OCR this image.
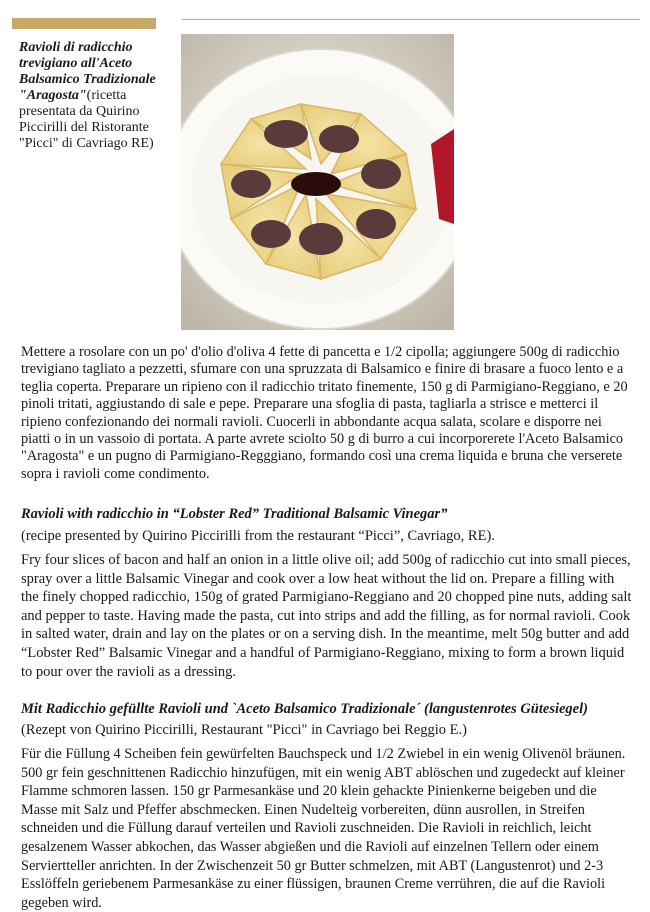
Ravioli di radicchio trevigiano all'Aceto Balsamico Tradizionale "Aragosta"(ricetta presentata da Quirino Piccirilli del Ristorante "Picci" di Cavriago RE)

Mettere a rosolare con un po' d'olio d'oliva 4 fette di pancetta e 1/2 cipolla; aggiungere 500g di radicchio trevigiano tagliato a pezzetti, sfumare con una spruzzata di Balsamico e finire di brasare a fuoco lento e a teglia coperta. Preparare un ripieno con il radicchio tritato finemente, 150 g di Parmigiano-Reggiano, e 20 pinoli tritati, aggiustando di sale e pepe. Preparare una sfoglia di pasta, tagliarla a strisce e metterci il ripieno confezionando dei normali ravioli. Cuocerli in abbondante acqua salata, scolare e disporre nei piatti o in un vassoio di portata. A parte avrete sciolto 50 g di burro a cui incorporerete l'Aceto Balsamico "Aragosta" e un pugno di Parmigiano-Regggiano, formando così una crema liquida e bruna che verserete sopra i ravioli come condimento.

Ravioli with radicchio in “Lobster Red” Traditional Balsamic Vinegar”

(recipe presented by Quirino Piccirilli from the restaurant “Picci”, Cavriago, RE).

Fry four slices of bacon and half an onion in a little olive oil; add 500g of radicchio cut into small pieces, spray over a little Balsamic Vinegar and cook over a low heat without the lid on. Prepare a filling with the finely chopped radicchio, 150g of grated Parmigiano-Reggiano and 20 chopped pine nuts, adding salt and pepper to taste. Having made the pasta, cut into strips and add the filling, as for normal ravioli. Cook in salted water, drain and lay on the plates or on a serving dish. In the meantime, melt 50g butter and add “Lobster Red” Balsamic Vinegar and a handful of Parmigiano-Reggiano, mixing to form a brown liquid to pour over the ravioli as a dressing.

Mit Radicchio gefüllte Ravioli und `Aceto Balsamico Tradizionale´ (langustenrotes Gütesiegel)

(Rezept von Quirino Piccirilli, Restaurant "Picci" in Cavriago bei Reggio E.)

Für die Füllung 4 Scheiben fein gewürfelten Bauchspeck und 1/2 Zwiebel in ein wenig Olivenöl bräunen. 500 gr fein geschnittenen Radicchio hinzufügen, mit ein wenig ABT ablöschen und zugedeckt auf kleiner Flamme schmoren lassen. 150 gr Parmesankäse und 20 klein gehackte Pinienkerne beigeben und die Masse mit Salz und Pfeffer abschmecken. Einen Nudelteig vorbereiten, dünn ausrollen, in Streifen schneiden und die Füllung darauf verteilen und Ravioli zuschneiden. Die Ravioli in reichlich, leicht gesalzenem Wasser abkochen, das Wasser abgießen und die Ravioli auf einzelnen Tellern oder einem Serviertteller anrichten. In der Zwischenzeit 50 gr Butter schmelzen, mit ABT (Langustenrot) und 2-3 Esslöffeln geriebenem Parmesankäse zu einer flüssigen, braunen Creme verrühren, die auf die Ravioli gegeben wird.
